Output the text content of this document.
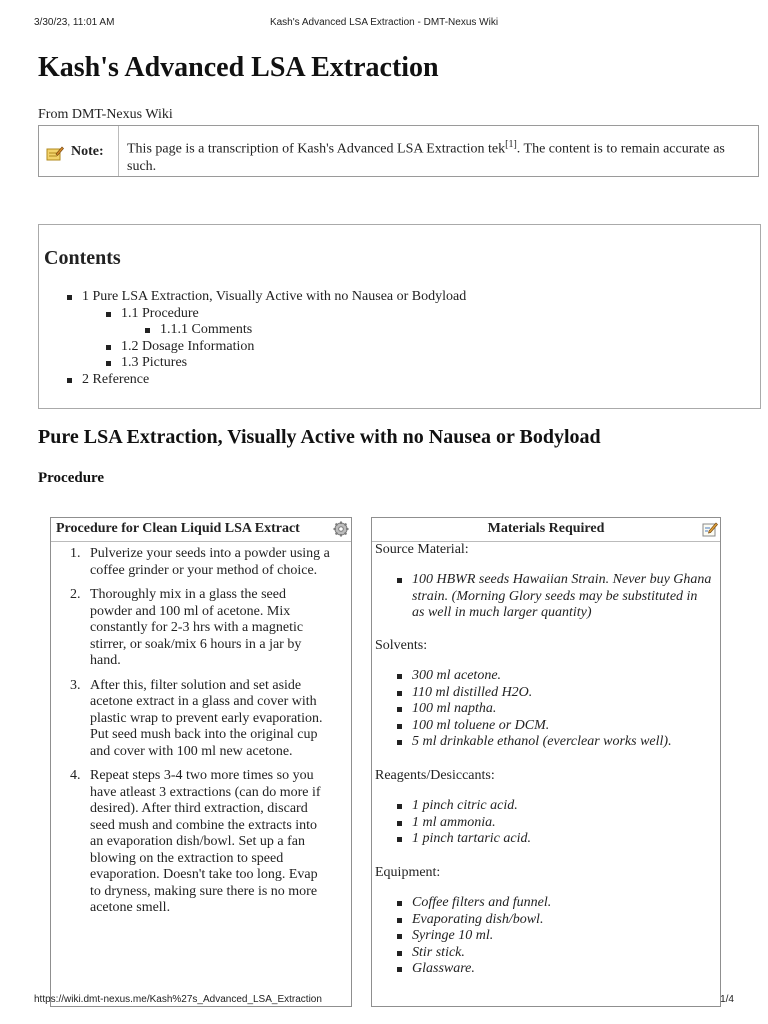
3/30/23, 11:01 AM	Kash's Advanced LSA Extraction - DMT-Nexus Wiki
Kash's Advanced LSA Extraction
From DMT-Nexus Wiki
Note: This page is a transcription of Kash's Advanced LSA Extraction tek[1]. The content is to remain accurate as such.
Contents
1 Pure LSA Extraction, Visually Active with no Nausea or Bodyload
1.1 Procedure
1.1.1 Comments
1.2 Dosage Information
1.3 Pictures
2 Reference
Pure LSA Extraction, Visually Active with no Nausea or Bodyload
Procedure
Procedure for Clean Liquid LSA Extract
1. Pulverize your seeds into a powder using a coffee grinder or your method of choice.
2. Thoroughly mix in a glass the seed powder and 100 ml of acetone. Mix constantly for 2-3 hrs with a magnetic stirrer, or soak/mix 6 hours in a jar by hand.
3. After this, filter solution and set aside acetone extract in a glass and cover with plastic wrap to prevent early evaporation. Put seed mush back into the original cup and cover with 100 ml new acetone.
4. Repeat steps 3-4 two more times so you have atleast 3 extractions (can do more if desired). After third extraction, discard seed mush and combine the extracts into an evaporation dish/bowl. Set up a fan blowing on the extraction to speed evaporation. Doesn't take too long. Evap to dryness, making sure there is no more acetone smell.
Materials Required
Source Material:
100 HBWR seeds Hawaiian Strain. Never buy Ghana strain. (Morning Glory seeds may be substituted in as well in much larger quantity)
Solvents:
300 ml acetone.
110 ml distilled H2O.
100 ml naptha.
100 ml toluene or DCM.
5 ml drinkable ethanol (everclear works well).
Reagents/Desiccants:
1 pinch citric acid.
1 ml ammonia.
1 pinch tartaric acid.
Equipment:
Coffee filters and funnel.
Evaporating dish/bowl.
Syringe 10 ml.
Stir stick.
Glassware.
https://wiki.dmt-nexus.me/Kash%27s_Advanced_LSA_Extraction	1/4
